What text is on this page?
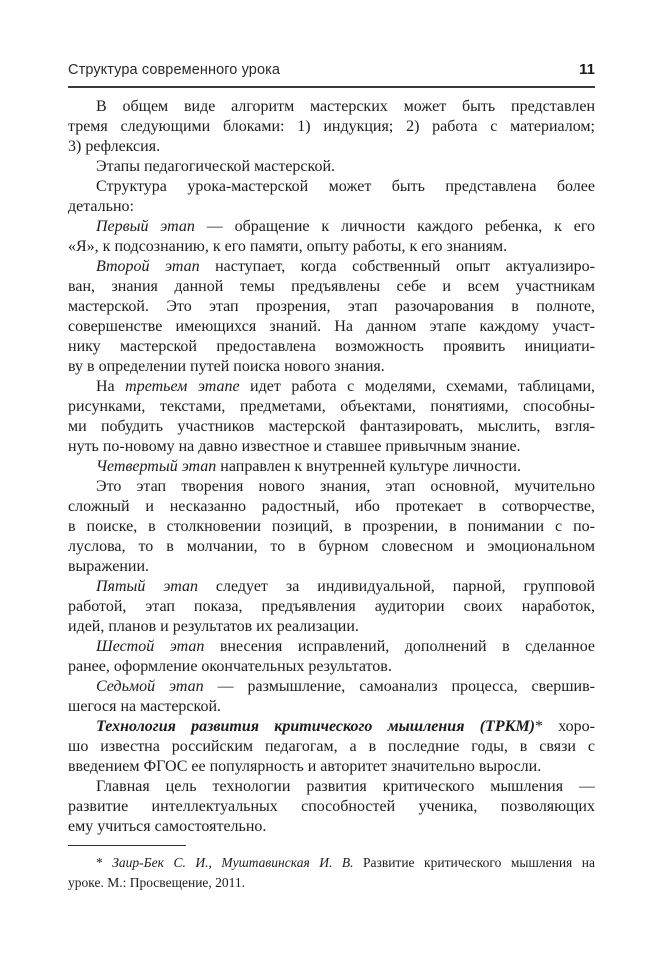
Структура современного урока	11
В общем виде алгоритм мастерских может быть представлен
тремя следующими блоками: 1) индукция; 2) работа с материалом;
3) рефлексия.
Этапы педагогической мастерской.
Структура урока-мастерской может быть представлена более
детально:
Первый этап — обращение к личности каждого ребенка, к его
«Я», к подсознанию, к его памяти, опыту работы, к его знаниям.
Второй этап наступает, когда собственный опыт актуализиро-
ван, знания данной темы предъявлены себе и всем участникам
мастерской. Это этап прозрения, этап разочарования в полноте,
совершенстве имеющихся знаний. На данном этапе каждому участ-
нику мастерской предоставлена возможность проявить инициати-
ву в определении путей поиска нового знания.
На третьем этапе идет работа с моделями, схемами, таблицами,
рисунками, текстами, предметами, объектами, понятиями, способны-
ми побудить участников мастерской фантазировать, мыслить, взгля-
нуть по-новому на давно известное и ставшее привычным знание.
Четвертый этап направлен к внутренней культуре личности.
Это этап творения нового знания, этап основной, мучительно
сложный и несказанно радостный, ибо протекает в сотворчестве,
в поиске, в столкновении позиций, в прозрении, в понимании с по-
луслова, то в молчании, то в бурном словесном и эмоциональном
выражении.
Пятый этап следует за индивидуальной, парной, групповой
работой, этап показа, предъявления аудитории своих наработок,
идей, планов и результатов их реализации.
Шестой этап внесения исправлений, дополнений в сделанное
ранее, оформление окончательных результатов.
Седьмой этап — размышление, самоанализ процесса, свершив-
шегося на мастерской.
Технология развития критического мышления (ТРКМ)* хоро-
шо известна российским педагогам, а в последние годы, в связи с
введением ФГОС ее популярность и авторитет значительно выросли.
Главная цель технологии развития критического мышления —
развитие интеллектуальных способностей ученика, позволяющих
ему учиться самостоятельно.
* Заир-Бек С. И., Муштавинская И. В. Развитие критического мышления на
уроке. М.: Просвещение, 2011.
